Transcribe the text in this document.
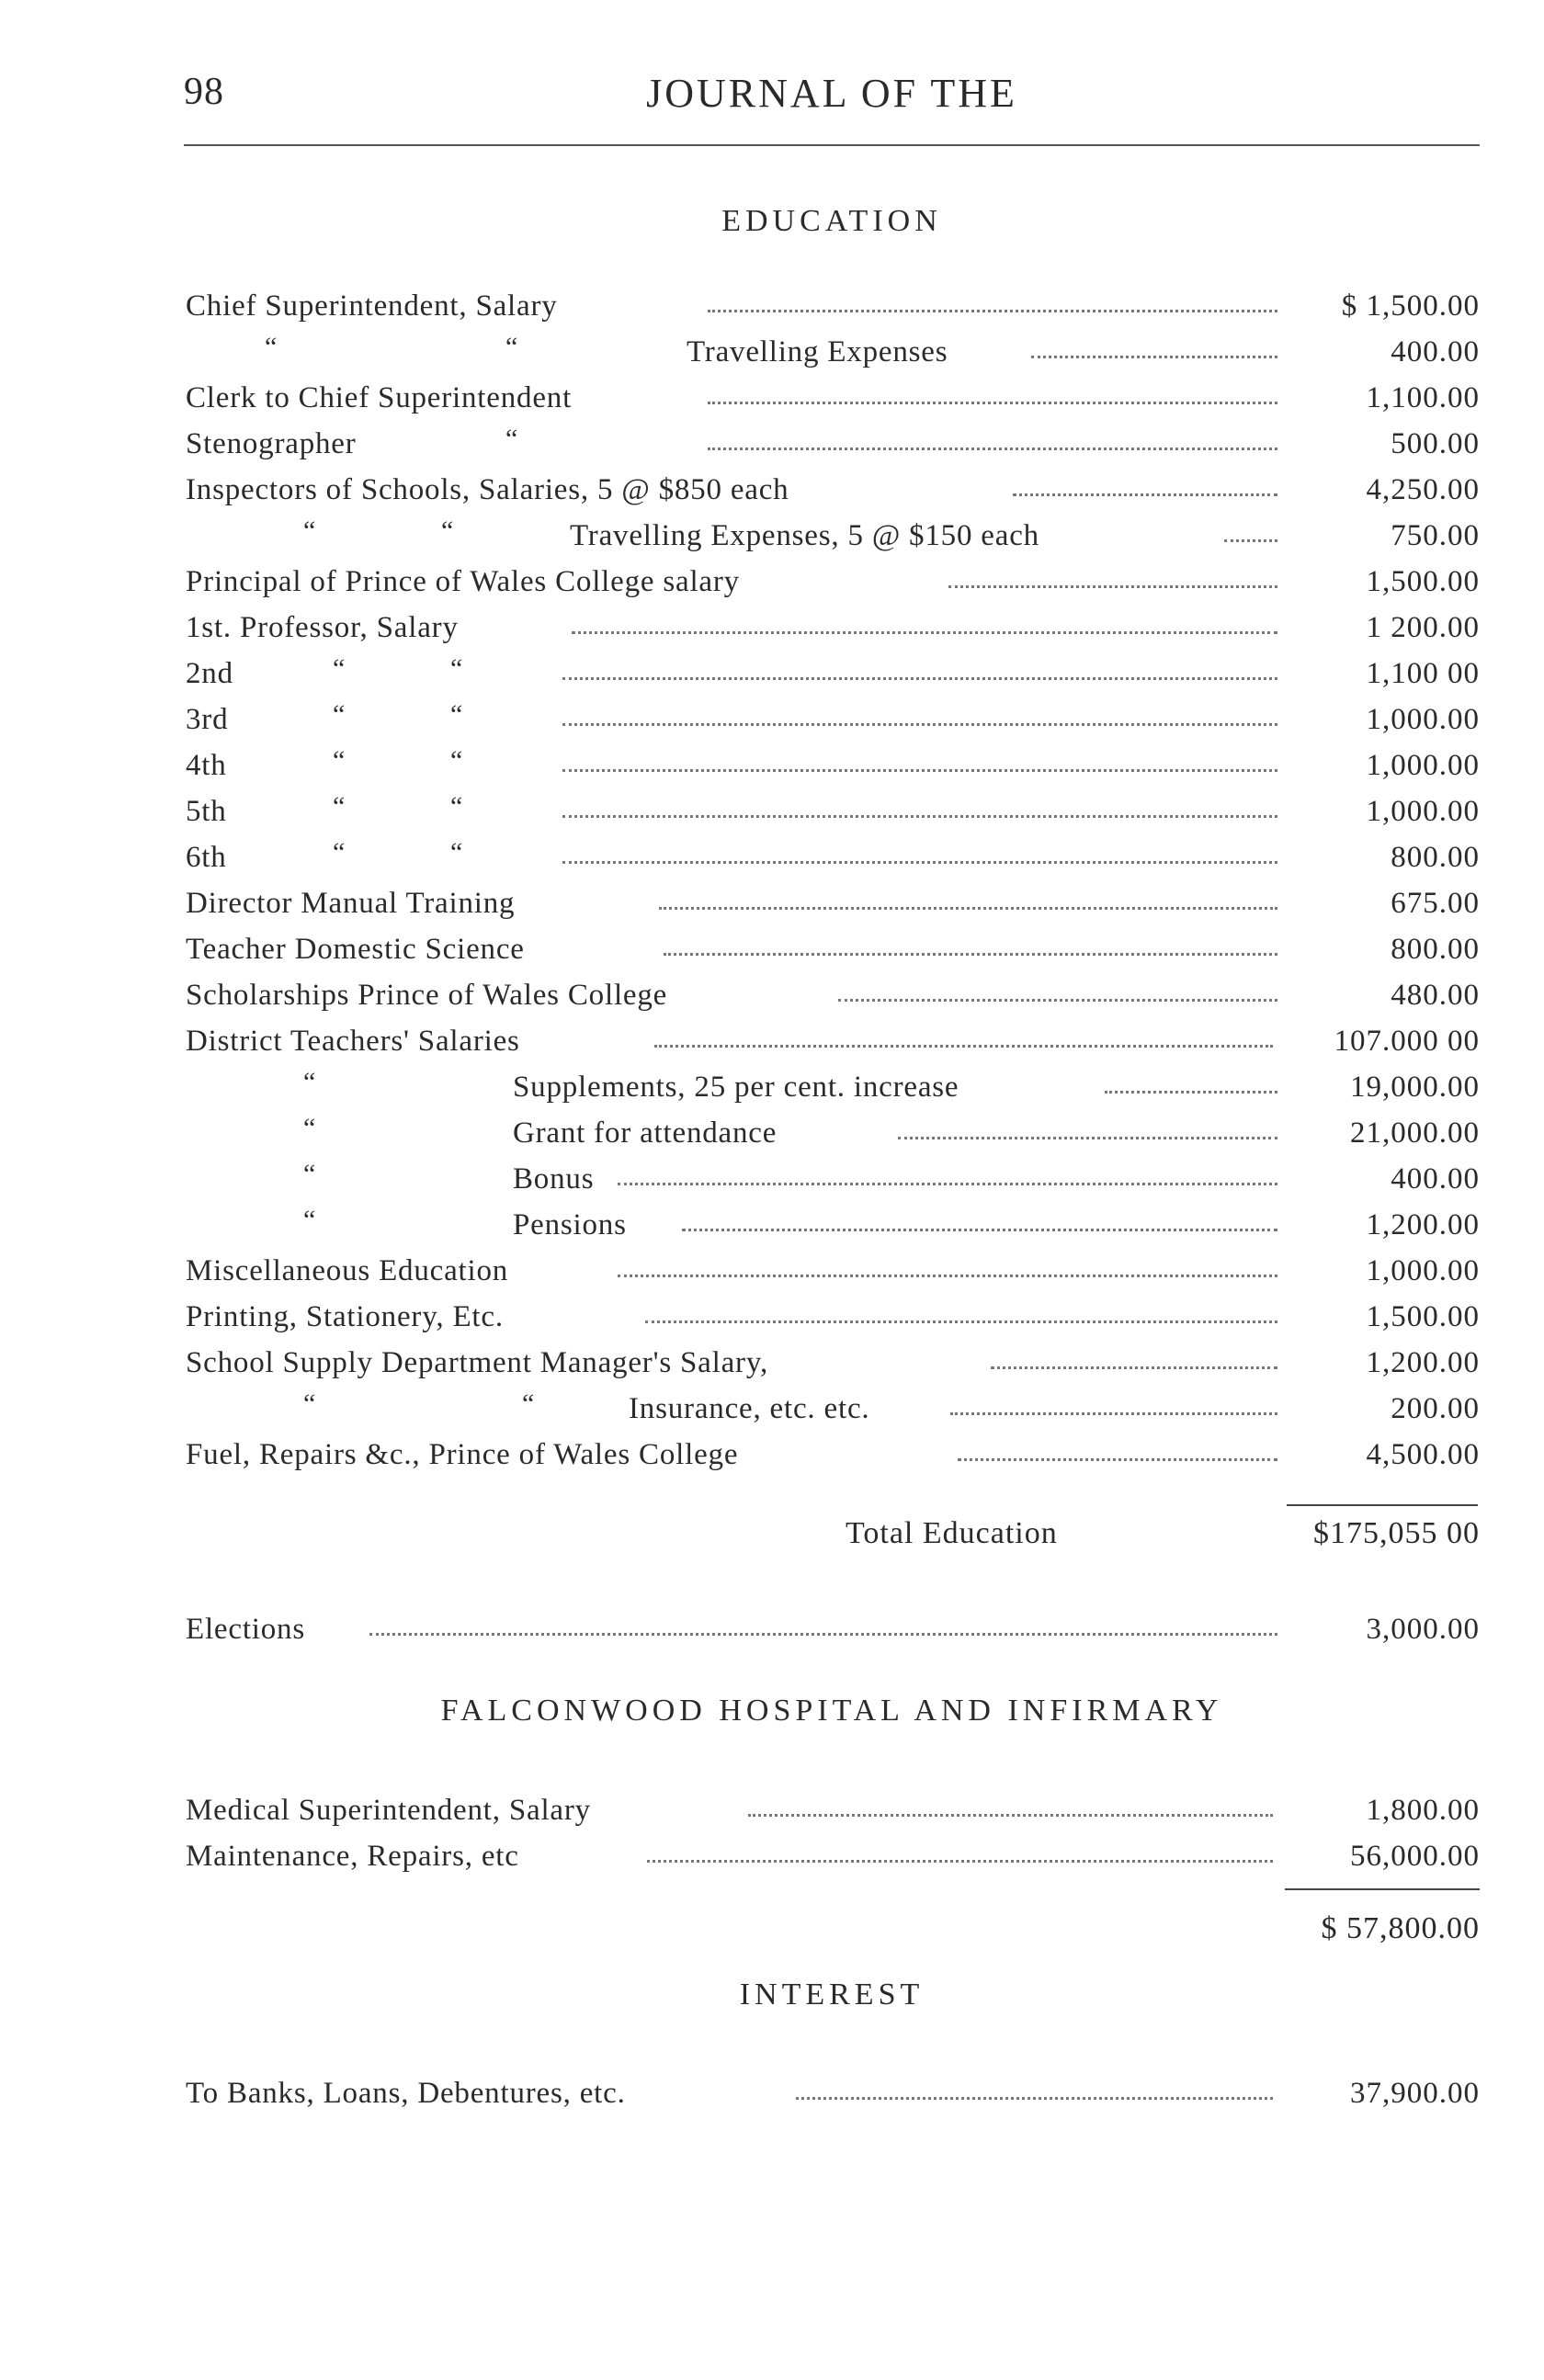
98	JOURNAL OF THE
EDUCATION
Chief Superintendent, Salary	$ 1,500.00
“	“	Travelling Expenses	400.00
Clerk to Chief Superintendent	1,100.00
Stenographer	“	500.00
Inspectors of Schools, Salaries, 5 @ $850 each	4,250.00
“	“	Travelling Expenses, 5 @ $150 each	750.00
Principal of Prince of Wales College salary	1,500.00
1st. Professor, Salary	1 200.00
2nd	“	“	1,100 00
3rd	“	“	1,000.00
4th	“	“	1,000.00
5th	“	“	1,000.00
6th	“	“	800.00
Director Manual Training	675.00
Teacher Domestic Science	800.00
Scholarships Prince of Wales College	480.00
District Teachers' Salaries	107.000 00
“	Supplements, 25 per cent. increase	19,000.00
“	Grant for attendance	21,000.00
“	Bonus	400.00
“	Pensions	1,200.00
Miscellaneous Education	1,000.00
Printing, Stationery, Etc.	1,500.00
School Supply Department Manager's Salary,	1,200.00
“	“	Insurance, etc. etc.	200.00
Fuel, Repairs &c., Prince of Wales College	4,500.00
Total Education	$175,055 00
Elections	3,000.00
FALCONWOOD HOSPITAL AND INFIRMARY
Medical Superintendent, Salary	1,800.00
Maintenance, Repairs, etc	56,000.00
$ 57,800.00
INTEREST
To Banks, Loans, Debentures, etc.	37,900.00
